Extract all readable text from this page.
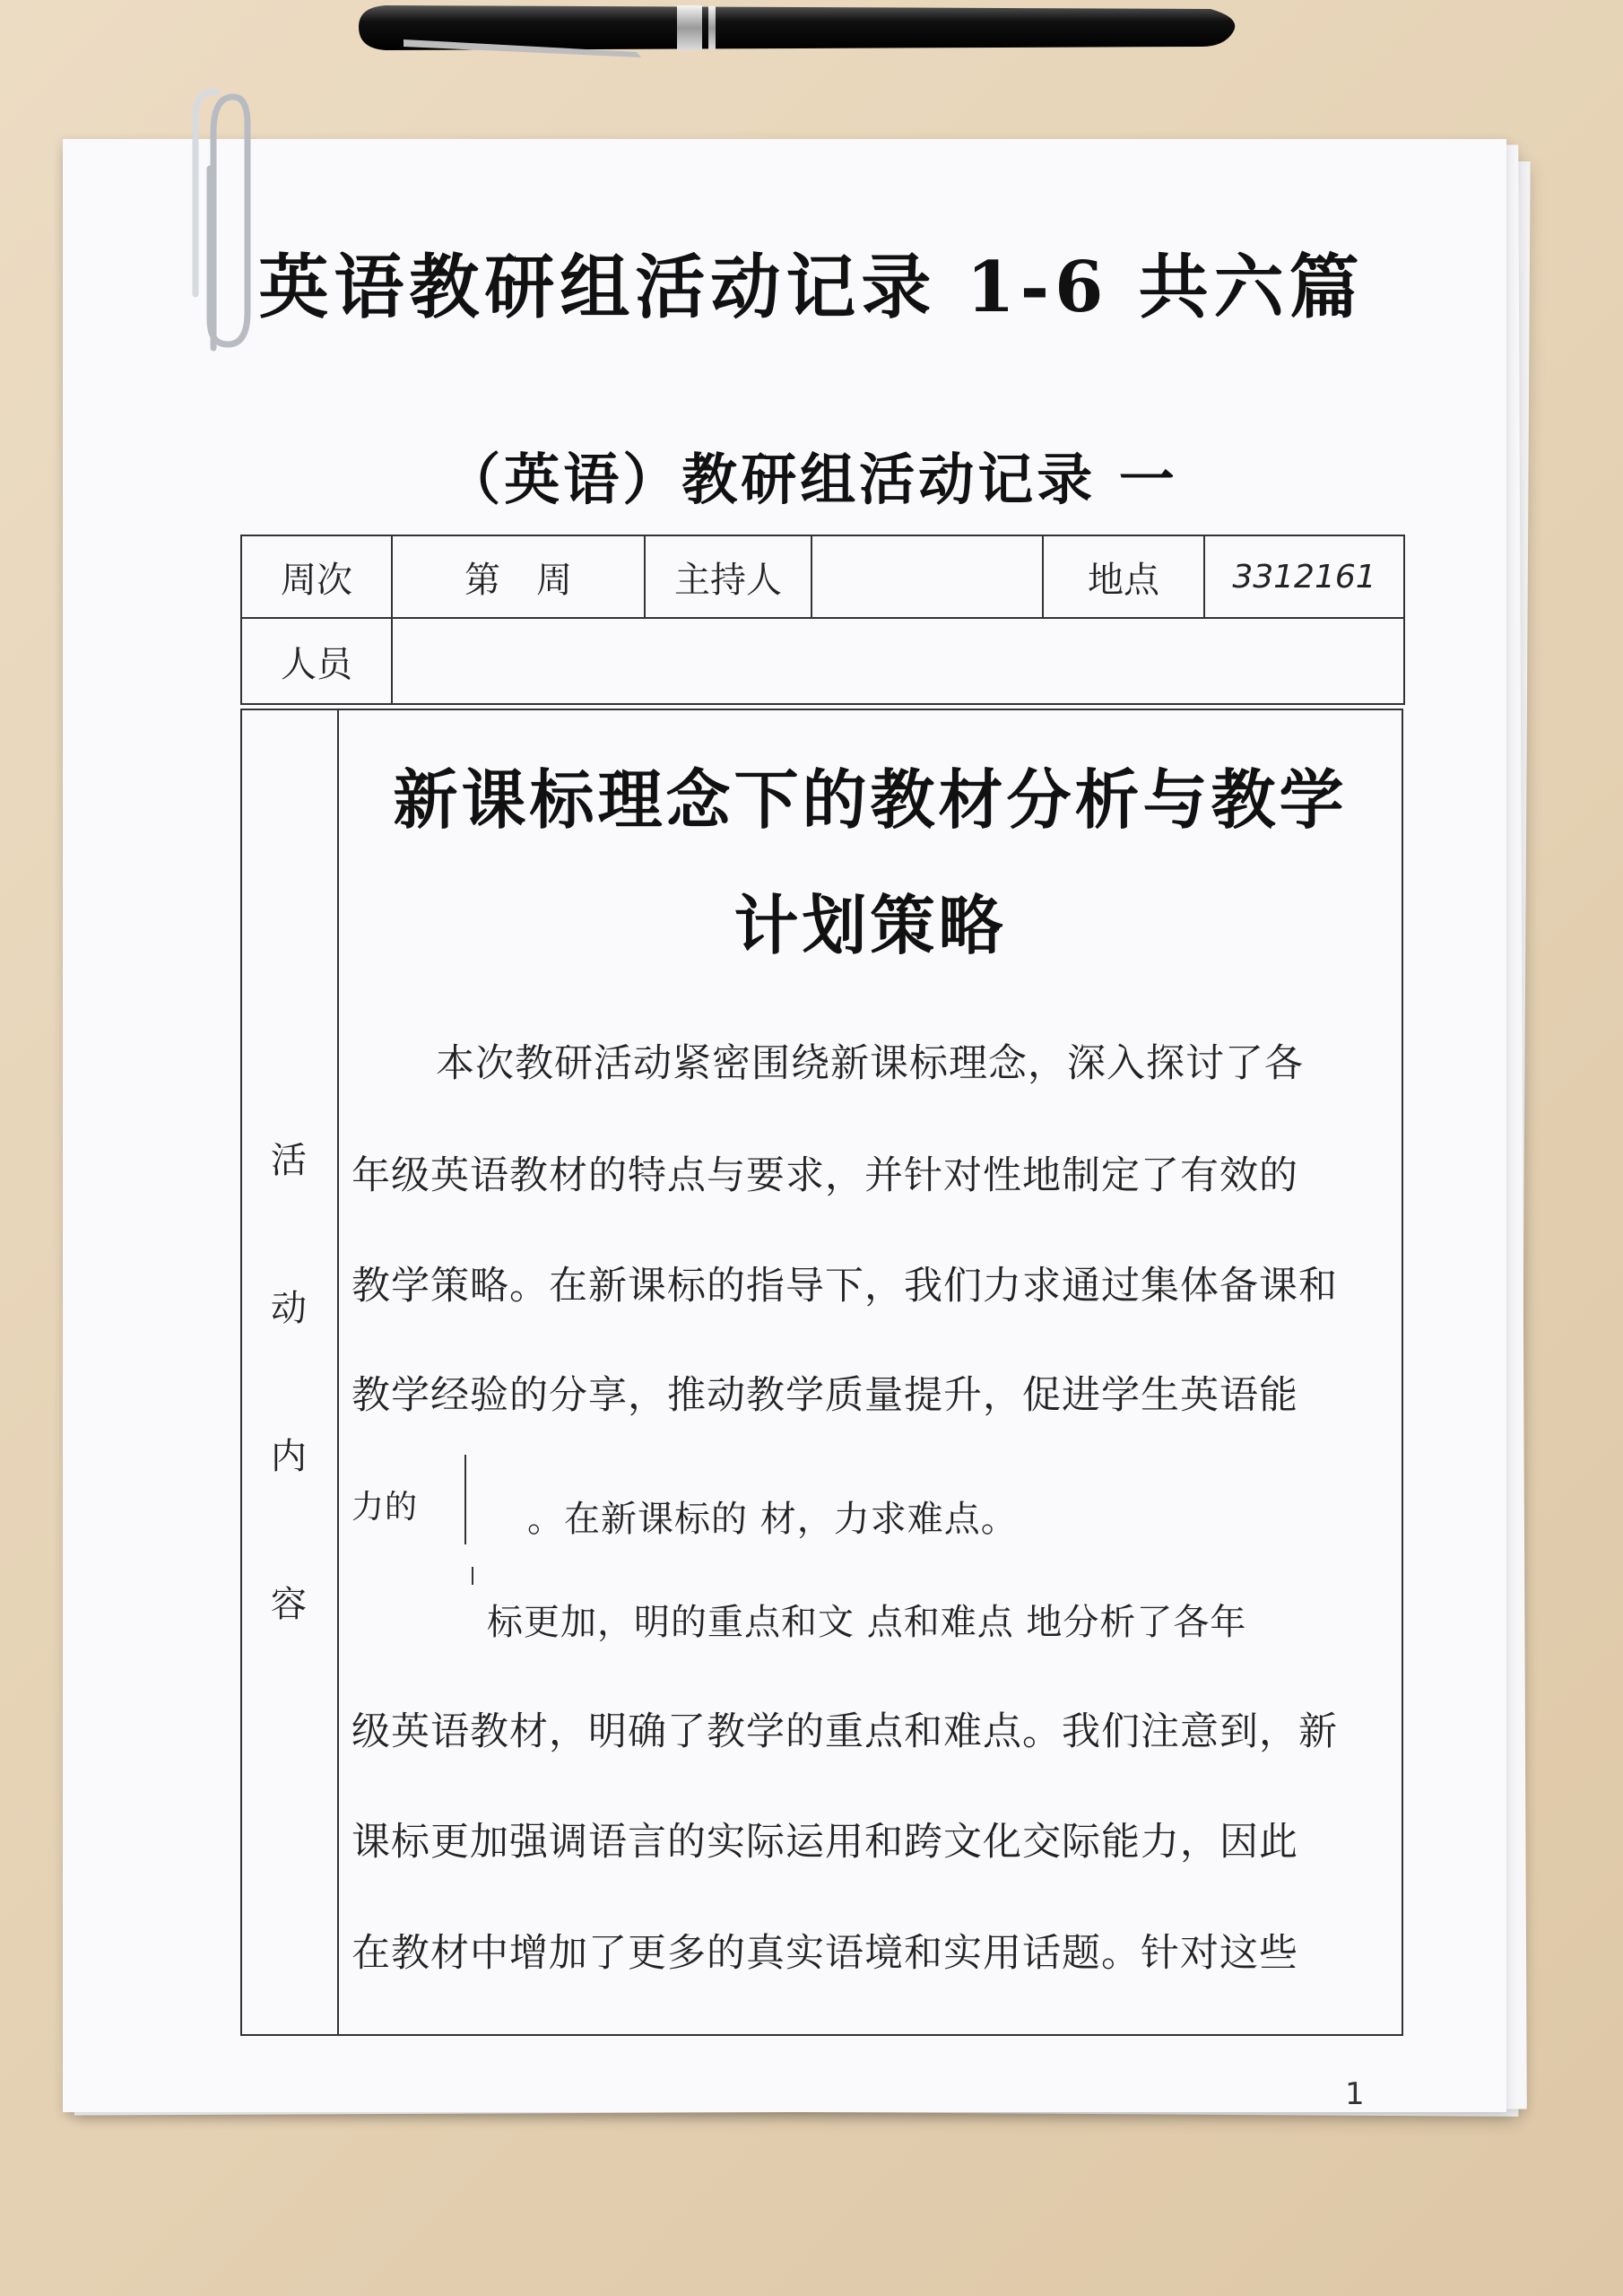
英语教研组活动记录 1-6 共六篇
（英语）教研组活动记录 一
周次	第　周	主持人		地点	3312161
人员					
活
动
内
容
新课标理念下的教材分析与教学
计划策略
本次教研活动紧密围绕新课标理念，深入探讨了各
年级英语教材的特点与要求，并针对性地制定了有效的
教学策略。在新课标的指导下，我们力求通过集体备课和
教学经验的分享，推动教学质量提升，促进学生英语能
力的	。在新课标的 材，力求难点。
标更加，明的重点和文 点和难点 地分析了各年
级英语教材，明确了教学的重点和难点。我们注意到，新
课标更加强调语言的实际运用和跨文化交际能力，因此
在教材中增加了更多的真实语境和实用话题。针对这些
1
